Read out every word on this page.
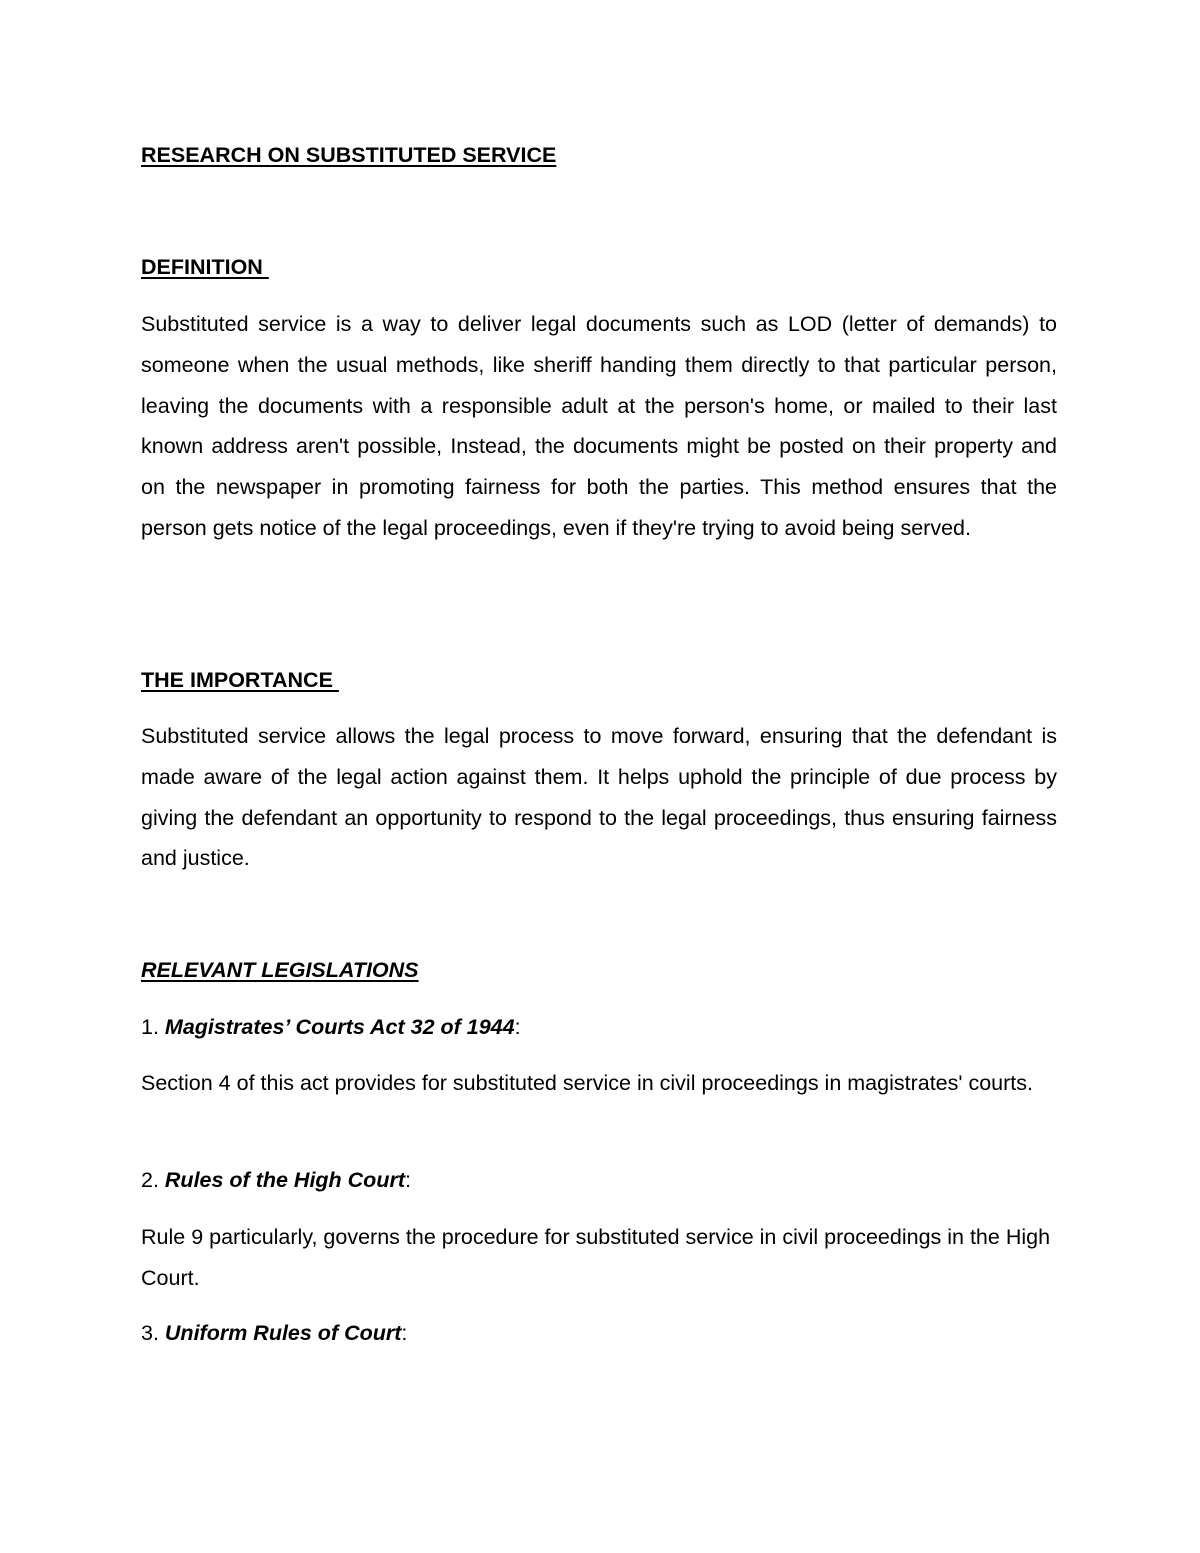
RESEARCH ON SUBSTITUTED SERVICE
DEFINITION

Substituted service is a way to deliver legal documents such as LOD (letter of demands) to someone when the usual methods, like sheriff handing them directly to that particular person, leaving the documents with a responsible adult at the person's home, or mailed to their last known address aren't possible, Instead, the documents might be posted on their property and on the newspaper in promoting fairness for both the parties. This method ensures that the person gets notice of the legal proceedings, even if they're trying to avoid being served.

THE IMPORTANCE

Substituted service allows the legal process to move forward, ensuring that the defendant is made aware of the legal action against them. It helps uphold the principle of due process by giving the defendant an opportunity to respond to the legal proceedings, thus ensuring fairness and justice.

RELEVANT LEGISLATIONS

1. Magistrates’ Courts Act 32 of 1944:

Section 4 of this act provides for substituted service in civil proceedings in magistrates' courts.

2. Rules of the High Court:

Rule 9 particularly, governs the procedure for substituted service in civil proceedings in the High Court.

3. Uniform Rules of Court:
